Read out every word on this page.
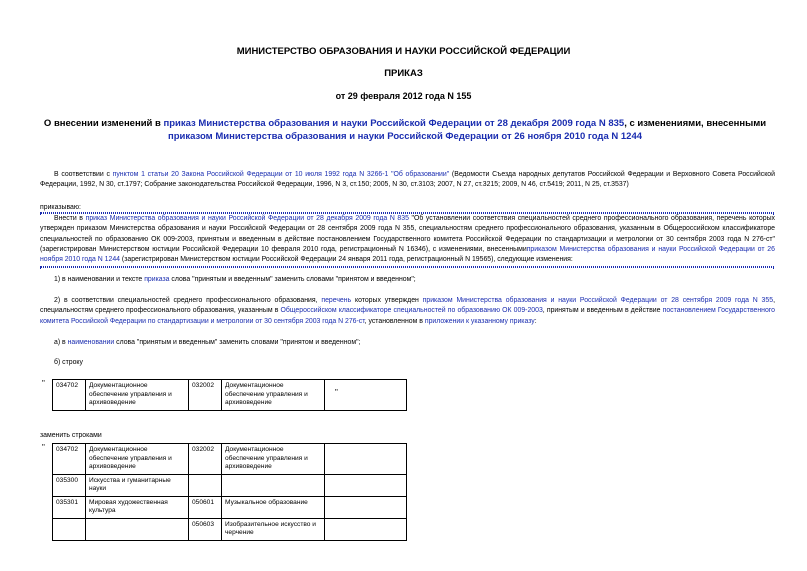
МИНИСТЕРСТВО ОБРАЗОВАНИЯ И НАУКИ РОССИЙСКОЙ ФЕДЕРАЦИИ
ПРИКАЗ
от 29 февраля 2012 года N 155
О внесении изменений в приказ Министерства образования и науки Российской Федерации от 28 декабря 2009 года N 835, с изменениями, внесенными приказом Министерства образования и науки Российской Федерации от 26 ноября 2010 года N 1244
В соответствии с пунктом 1 статьи 20 Закона Российской Федерации от 10 июля 1992 года N 3266-1 "Об образовании" (Ведомости Съезда народных депутатов Российской Федерации и Верховного Совета Российской Федерации, 1992, N 30, ст.1797; Собрание законодательства Российской Федерации, 1996, N 3, ст.150; 2005, N 30, ст.3103; 2007, N 27, ст.3215; 2009, N 46, ст.5419; 2011, N 25, ст.3537)
приказываю:
Внести в приказ Министерства образования и науки Российской Федерации от 28 декабря 2009 года N 835 "Об установлении соответствия специальностей среднего профессионального образования, перечень которых утвержден приказом Министерства образования и науки Российской Федерации от 28 сентября 2009 года N 355, специальностям среднего профессионального образования, указанным в Общероссийском классификаторе специальностей по образованию ОК 009-2003, принятым и введенным в действие постановлением Государственного комитета Российской Федерации по стандартизации и метрологии от 30 сентября 2003 года N 276-ст" (зарегистрирован Министерством юстиции Российской Федерации 10 февраля 2010 года, регистрационный N 16346), с изменениями, внесеннымиприказом Министерства образования и науки Российской Федерации от 26 ноября 2010 года N 1244 (зарегистрирован Министерством юстиции Российской Федерации 24 января 2011 года, регистрационный N 19565), следующие изменения:
1) в наименовании и тексте приказа слова "принятым и введенным" заменить словами "принятом и введенном";
2) в соответствии специальностей среднего профессионального образования, перечень которых утвержден приказом Министерства образования и науки Российской Федерации от 28 сентября 2009 года N 355, специальностям среднего профессионального образования, указанным в Общероссийском классификаторе специальностей по образованию ОК 009-2003, принятым и введенным в действие постановлением Государственного комитета Российской Федерации по стандартизации и метрологии от 30 сентября 2003 года N 276-ст, установленном в приложении к указанному приказу:
а) в наименовании слова "принятым и введенным" заменить словами "принятом и введенном";
б) строку
" 034702	Документационное обеспечение управления и архивоведение	032002	Документационное обеспечение управления и архивоведение	
"
заменить строками
" 034702	Документационное обеспечение управления и архивоведение	032002	Документационное обеспечение управления и архивоведение	
035300	Искусства и гуманитарные науки			
035301	Мировая художественная культура	050601	Музыкальное образование	
		050603	Изобразительное искусство и черчение	
